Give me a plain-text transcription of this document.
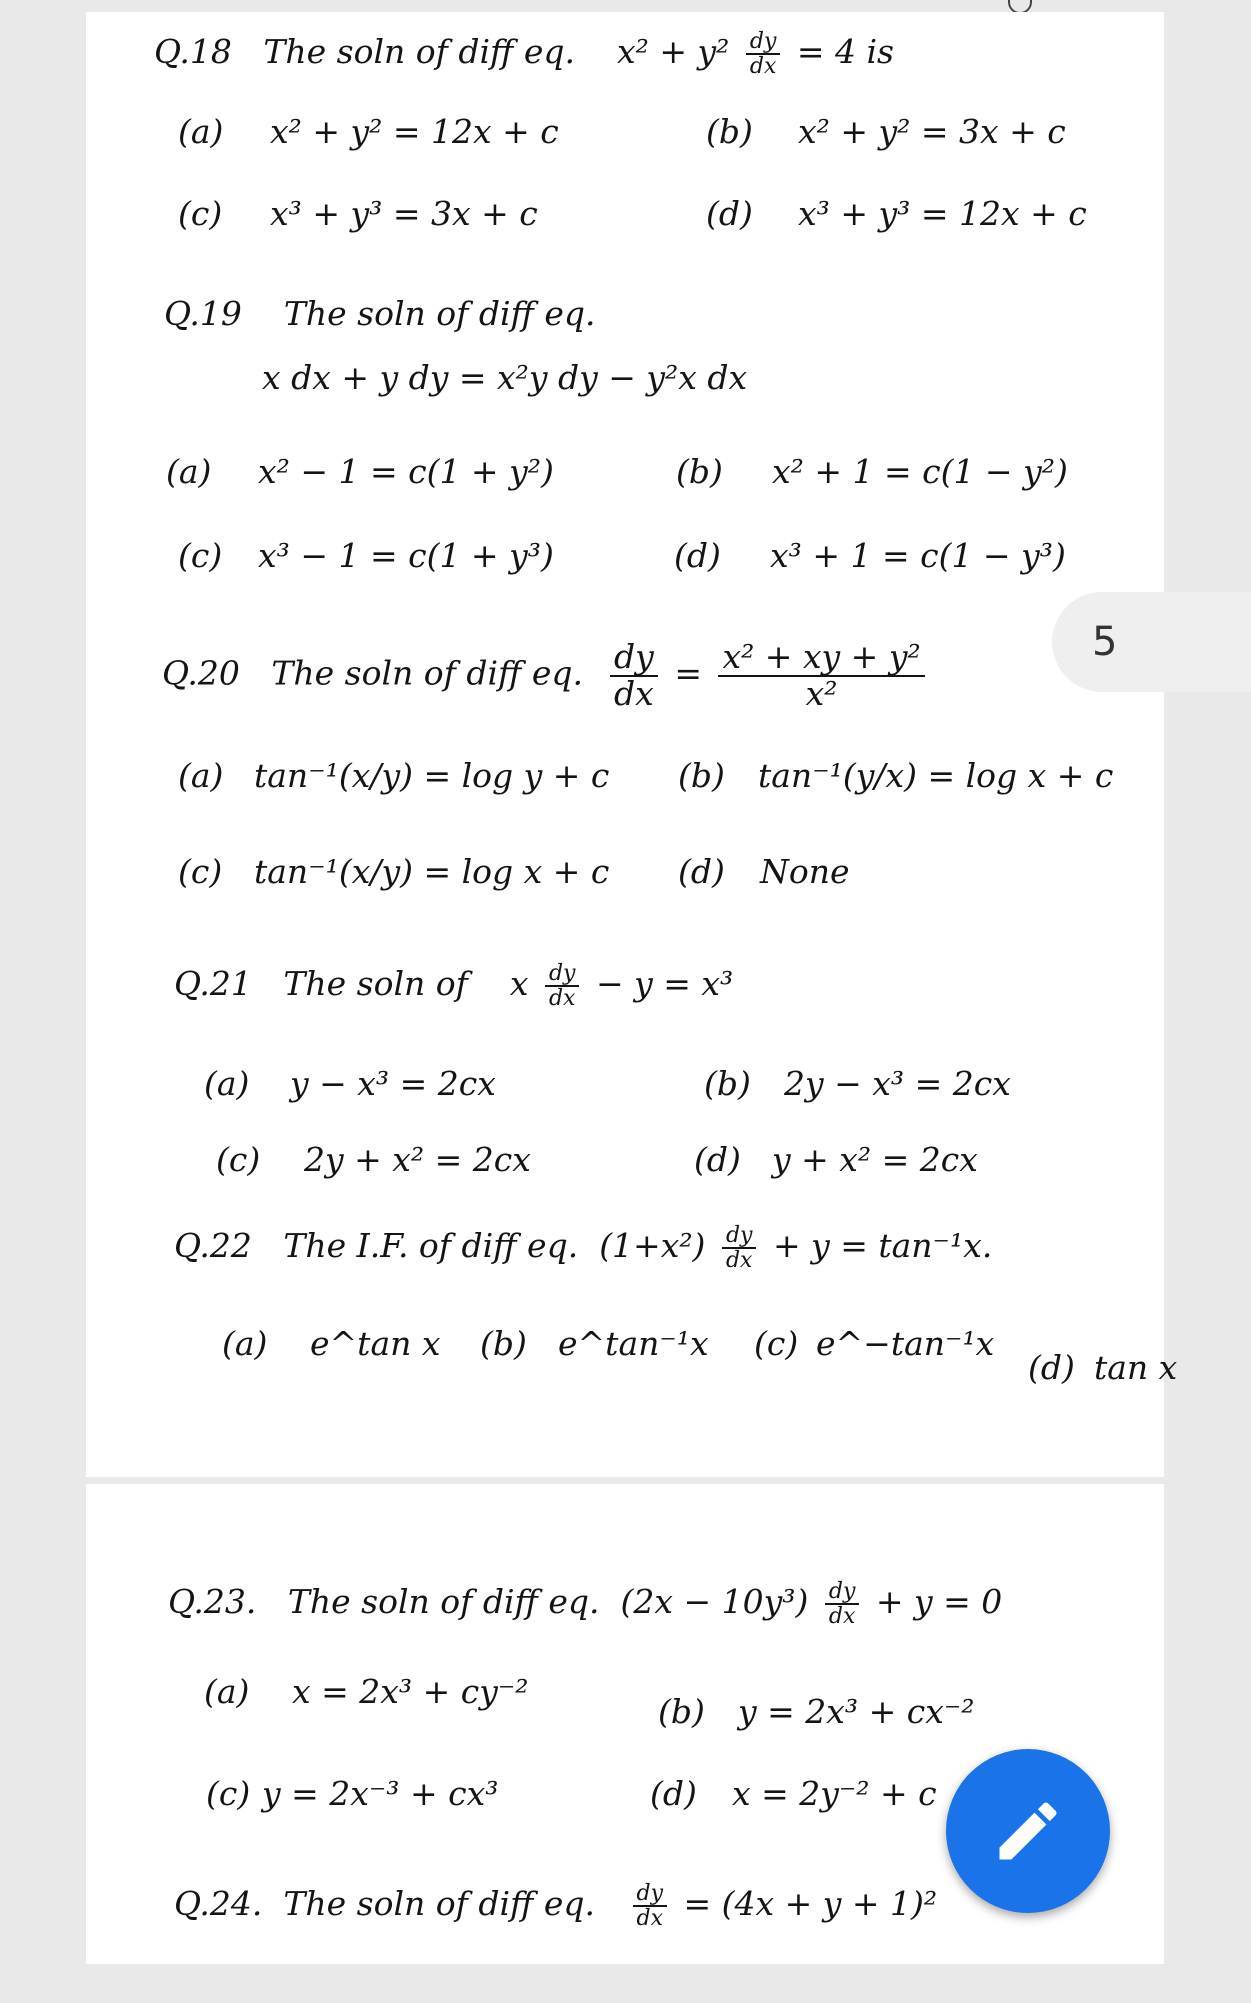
Q.18 The soln of diff eq. $x^2 + y^2 \frac{dy}{dx} = 4$ is
(a) x² + y² = 12x + c	(b) x² + y² = 3x + c
(c) x³ + y³ = 3x + c	(d) x³ + y³ = 12x + c
Q.19 The soln of diff eq.
x dx + y dy = x²y dy − y²x dx
(a) x² − 1 = c(1 + y²)	(b) x² + 1 = c(1 − y²)
(c) x³ − 1 = c(1 + y³)	(d) x³ + 1 = c(1 − y³)
Q.20 The soln of diff eq. $\frac{dy}{dx} = \frac{\text{x² + xy + y²}}{\text{x²}}$
(a) tan⁻¹(x/y) = log y + c (b) tan⁻¹(y/x) = log x + c
(c) tan⁻¹(x/y) = log x + c (d) None
Q.21 The soln of x $\frac{dy}{dx} - y = x^3$
(a) y − x³ = 2cx	(b) 2y − x³ = 2cx
(c) 2y + x² = 2cx	(d) y + x² = 2cx
Q.22 The I.F. of diff eq. $(1+x^2) \frac{dy}{dx} + y = \tan^{-1}x$.
(a) e^tan x (b) e^tan⁻¹x (c) e^−tan⁻¹x
(d) tan x
Q.23. The soln of diff eq. $(2x - 10y^3) \frac{dy}{dx} + y = 0$
(a) x = 2x³ + cy⁻²
(b) y = 2x³ + cx⁻²
(c) y = 2x⁻³ + cx³	(d) x = 2y⁻² + c
Q.24. The soln of diff eq. $\frac{dy}{dx} = (4x + y + 1)^2$
5
